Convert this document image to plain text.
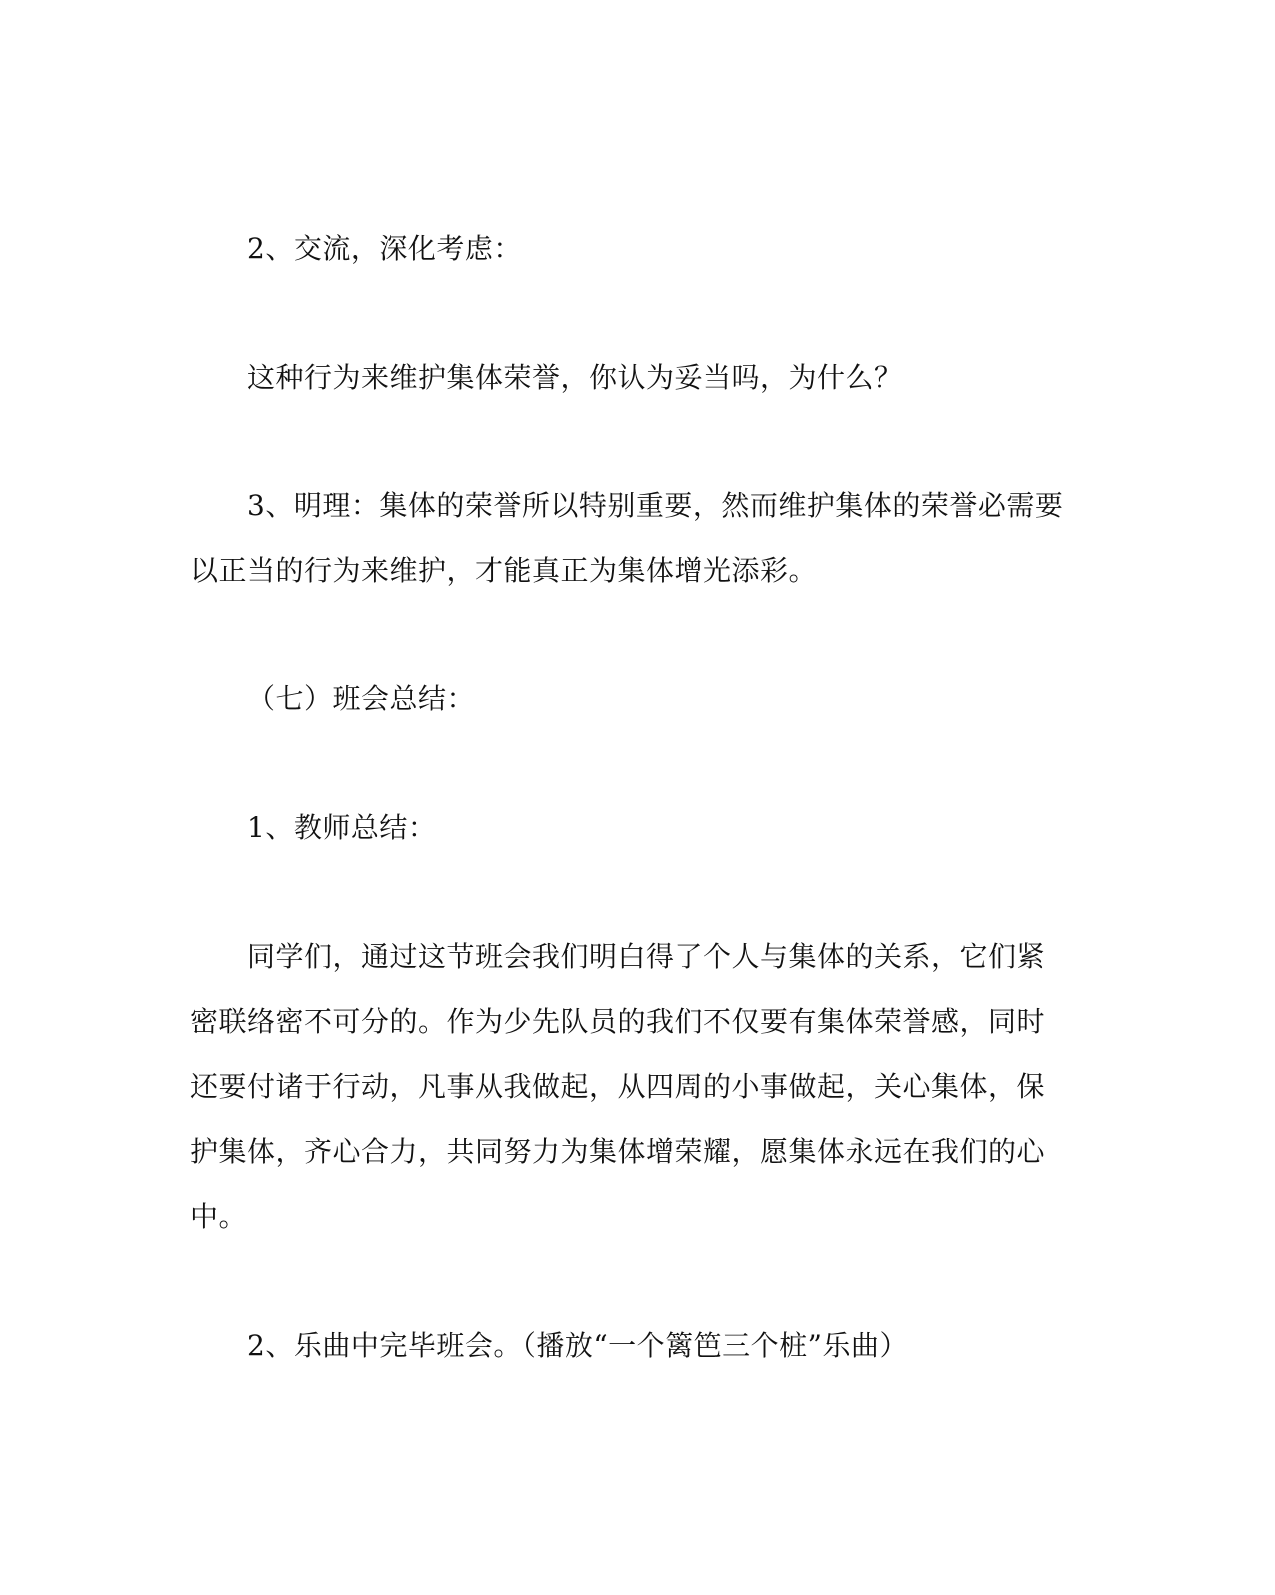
2、交流，深化考虑：

这种行为来维护集体荣誉，你认为妥当吗，为什么？

3、明理：集体的荣誉所以特别重要，然而维护集体的荣誉必需要
以正当的行为来维护，才能真正为集体增光添彩。

（七）班会总结：

1、教师总结：

同学们，通过这节班会我们明白得了个人与集体的关系，它们紧
密联络密不可分的。作为少先队员的我们不仅要有集体荣誉感，同时
还要付诸于行动，凡事从我做起，从四周的小事做起，关心集体，保
护集体，齐心合力，共同努力为集体增荣耀，愿集体永远在我们的心
中。

2、乐曲中完毕班会。（播放“一个篱笆三个桩”乐曲）
